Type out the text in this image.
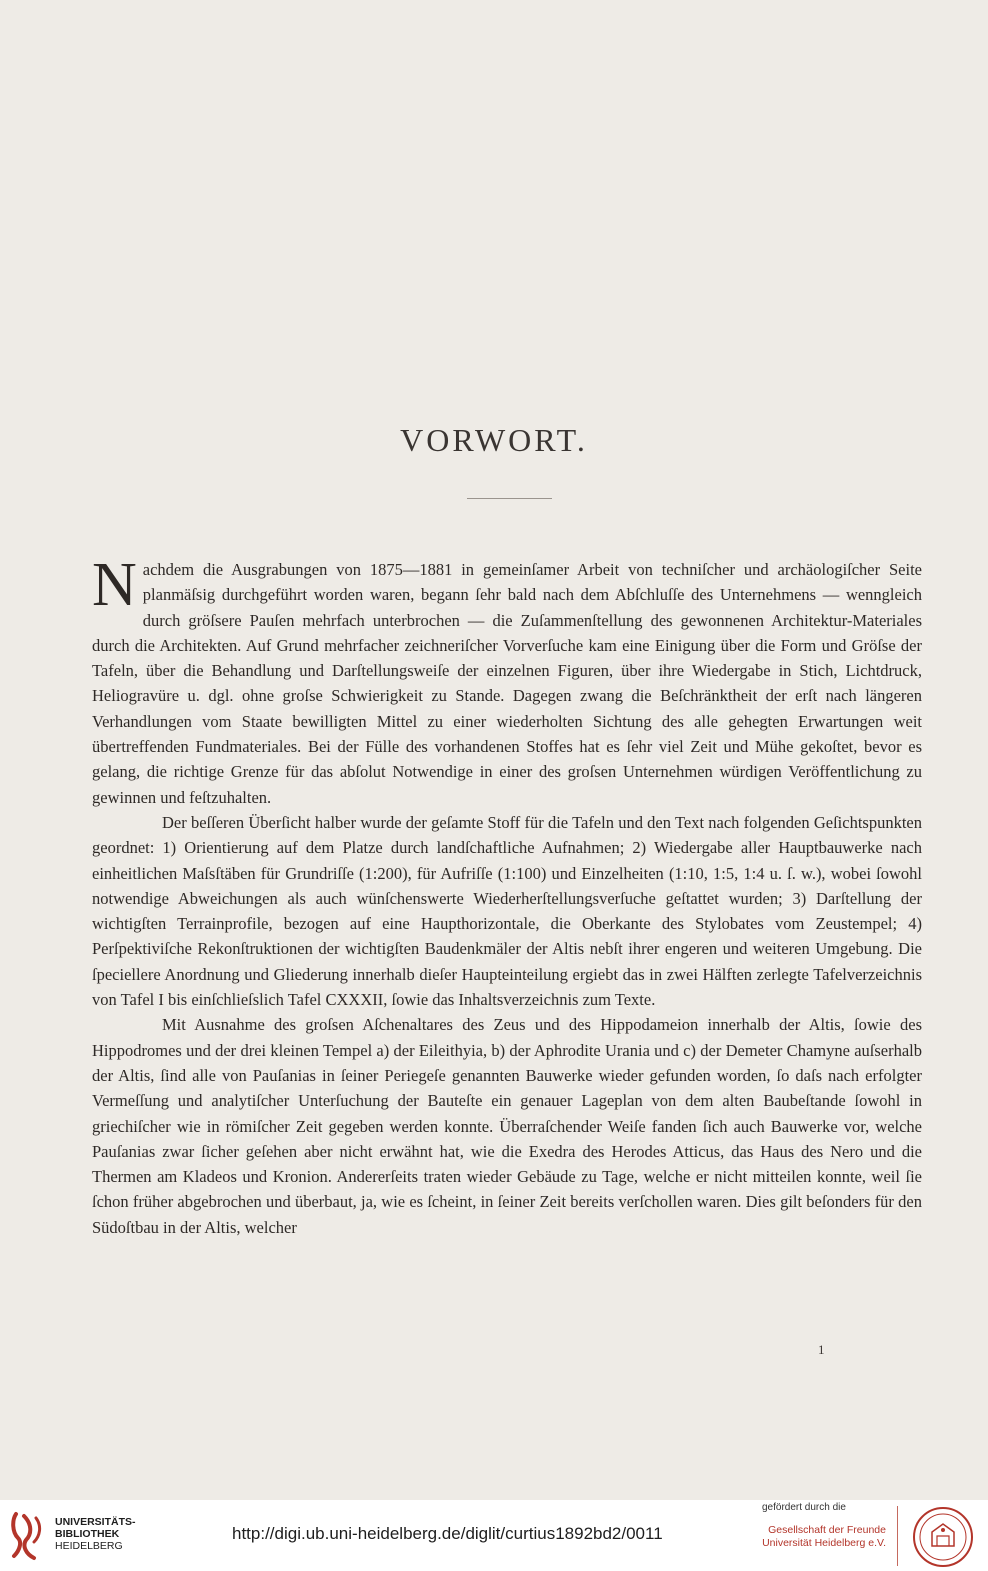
VORWORT.

Nachdem die Ausgrabungen von 1875—1881 in gemeinſamer Arbeit von techniſcher und archäologiſcher Seite planmäſsig durchgeführt worden waren, begann ſehr bald nach dem Abſchluſſe des Unternehmens — wenngleich durch gröſsere Pauſen mehrfach unterbrochen — die Zuſammenſtellung des gewonnenen Architektur-Materiales durch die Architekten. Auf Grund mehrfacher zeichneriſcher Vorverſuche kam eine Einigung über die Form und Gröſse der Tafeln, über die Behandlung und Darſtellungsweiſe der einzelnen Figuren, über ihre Wiedergabe in Stich, Lichtdruck, Heliogravüre u. dgl. ohne groſse Schwierigkeit zu Stande. Dagegen zwang die Beſchränktheit der erſt nach längeren Verhandlungen vom Staate bewilligten Mittel zu einer wiederholten Sichtung des alle gehegten Erwartungen weit übertreffenden Fundmateriales. Bei der Fülle des vorhandenen Stoffes hat es ſehr viel Zeit und Mühe gekoſtet, bevor es gelang, die richtige Grenze für das abſolut Notwendige in einer des groſsen Unternehmen würdigen Veröffentlichung zu gewinnen und feſtzuhalten.

Der beſſeren Überſicht halber wurde der geſamte Stoff für die Tafeln und den Text nach folgenden Geſichtspunkten geordnet: 1) Orientierung auf dem Platze durch landſchaftliche Aufnahmen; 2) Wiedergabe aller Hauptbauwerke nach einheitlichen Maſsſtäben für Grundriſſe (1:200), für Aufriſſe (1:100) und Einzelheiten (1:10, 1:5, 1:4 u. ſ. w.), wobei ſowohl notwendige Abweichungen als auch wünſchenswerte Wiederherſtellungsverſuche geſtattet wurden; 3) Darſtellung der wichtigſten Terrainprofile, bezogen auf eine Haupthorizontale, die Oberkante des Stylobates vom Zeustempel; 4) Perſpektiviſche Rekonſtruktionen der wichtigſten Baudenkmäler der Altis nebſt ihrer engeren und weiteren Umgebung. Die ſpeciellere Anordnung und Gliederung innerhalb dieſer Haupteinteilung ergiebt das in zwei Hälften zerlegte Tafelverzeichnis von Tafel I bis einſchlieſslich Tafel CXXXII, ſowie das Inhaltsverzeichnis zum Texte.

Mit Ausnahme des groſsen Aſchenaltares des Zeus und des Hippodameion innerhalb der Altis, ſowie des Hippodromes und der drei kleinen Tempel a) der Eileithyia, b) der Aphrodite Urania und c) der Demeter Chamyne auſserhalb der Altis, ſind alle von Pauſanias in ſeiner Periegeſe genannten Bauwerke wieder gefunden worden, ſo daſs nach erfolgter Vermeſſung und analytiſcher Unterſuchung der Bauteſte ein genauer Lageplan von dem alten Baubeſtande ſowohl in griechiſcher wie in römiſcher Zeit gegeben werden konnte. Überraſchender Weiſe fanden ſich auch Bauwerke vor, welche Pauſanias zwar ſicher geſehen aber nicht erwähnt hat, wie die Exedra des Herodes Atticus, das Haus des Nero und die Thermen am Kladeos und Kronion. Andererſeits traten wieder Gebäude zu Tage, welche er nicht mitteilen konnte, weil ſie ſchon früher abgebrochen und überbaut, ja, wie es ſcheint, in ſeiner Zeit bereits verſchollen waren. Dies gilt beſonders für den Südoſtbau in der Altis, welcher

1
UNIVERSITÄTS-
BIBLIOTHEK
HEIDELBERG
http://digi.ub.uni-heidelberg.de/diglit/curtius1892bd2/0011
gefördert durch die
Gesellschaft der Freunde
Universität Heidelberg e.V.
